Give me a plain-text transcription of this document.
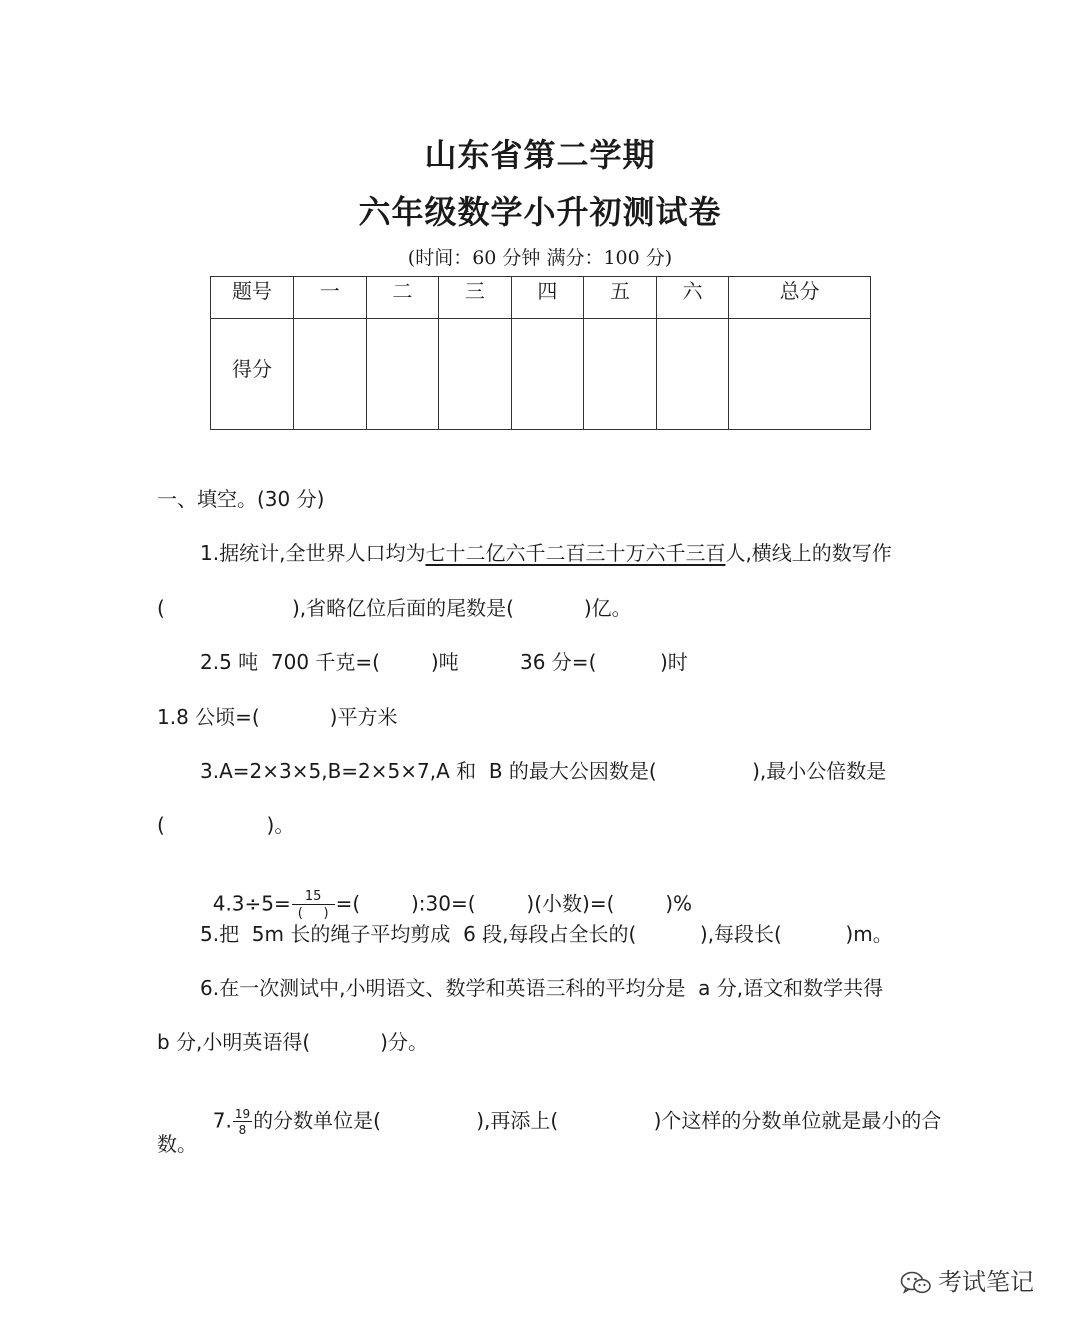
山东省第二学期
六年级数学小升初测试卷
(时间：60 分钟 满分：100 分)
题号	一	二	三	四	五	六	总分
得分							
一、填空。(30 分)
1.据统计,全世界人口均为七十二亿六千二百三十万六千三百人,横线上的数写作
(                    ),省略亿位后面的尾数是(           )亿。
2.5 吨  700 千克=(        )吨	36 分=(          )时
1.8 公顷=(           )平方米
3.A=2×3×5,B=2×5×7,A 和  B 的最大公因数是(               ),最小公倍数是
(                )。

$4.3\div 5= \frac{15}{( )}$ =(        ):30=(        )(小数)=(        )%

5.把  5m 长的绳子平均剪成  6 段,每段占全长的(          ),每段长(          )m。
6.在一次测试中,小明语文、数学和英语三科的平均分是  a 分,语文和数学共得
b 分,小明英语得(           )分。

7. $\frac{19}{8}$ 的分数单位是(               ),再添上(               )个这样的分数单位就是最小的合

数。
考试笔记
